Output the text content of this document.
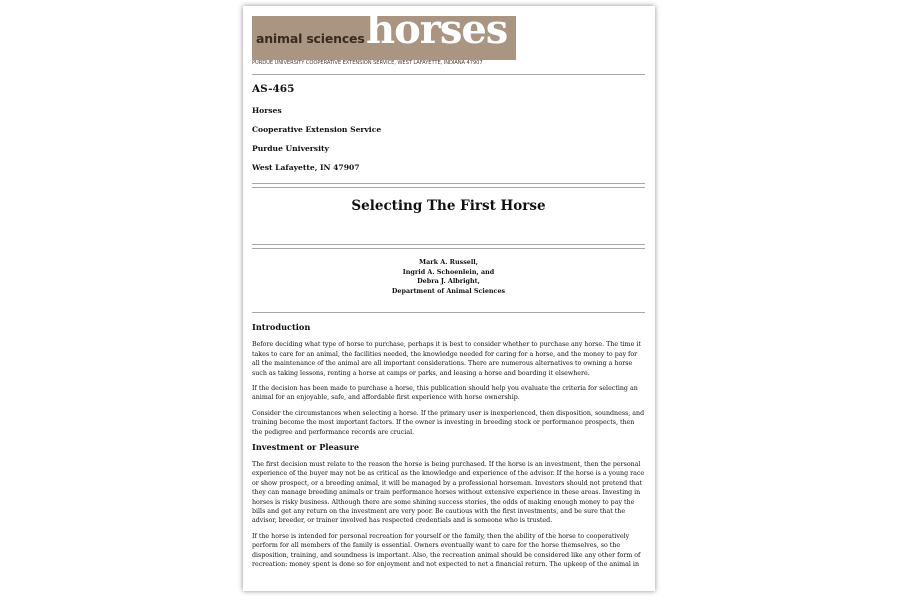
animal sciences horses
PURDUE UNIVERSITY COOPERATIVE EXTENSION SERVICE, WEST LAFAYETTE, INDIANA 47907
AS-465
Horses
Cooperative Extension Service
Purdue University
West Lafayette, IN 47907
Selecting The First Horse
Mark A. Russell,
Ingrid A. Schoenlein, and
Debra J. Albright,
Department of Animal Sciences
Introduction
Before deciding what type of horse to purchase, perhaps it is best to consider whether to purchase any horse. The time it takes to care for an animal, the facilities needed, the knowledge needed for caring for a horse, and the money to pay for all the maintenance of the animal are all important considerations. There are numerous alternatives to owning a horse such as taking lessons, renting a horse at camps or parks, and leasing a horse and boarding it elsewhere.
If the decision has been made to purchase a horse, this publication should help you evaluate the criteria for selecting an animal for an enjoyable, safe, and affordable first experience with horse ownership.
Consider the circumstances when selecting a horse. If the primary user is inexperienced, then disposition, soundness, and training become the most important factors. If the owner is investing in breeding stock or performance prospects, then the pedigree and performance records are crucial.
Investment or Pleasure
The first decision must relate to the reason the horse is being purchased. If the horse is an investment, then the personal experience of the buyer may not be as critical as the knowledge and experience of the advisor. If the horse is a young race or show prospect, or a breeding animal, it will be managed by a professional horseman. Investors should not pretend that they can manage breeding animals or train performance horses without extensive experience in these areas. Investing in horses is risky business. Although there are some shining success stories, the odds of making enough money to pay the bills and get any return on the investment are very poor. Be cautious with the first investments, and be sure that the advisor, breeder, or trainer involved has respected credentials and is someone who is trusted.
If the horse is intended for personal recreation for yourself or the family, then the ability of the horse to cooperatively perform for all members of the family is essential. Owners eventually want to care for the horse themselves, so the disposition, training, and soundness is important. Also, the recreation animal should be considered like any other form of recreation: money spent is done so for enjoyment and not expected to net a financial return. The upkeep of the animal in
